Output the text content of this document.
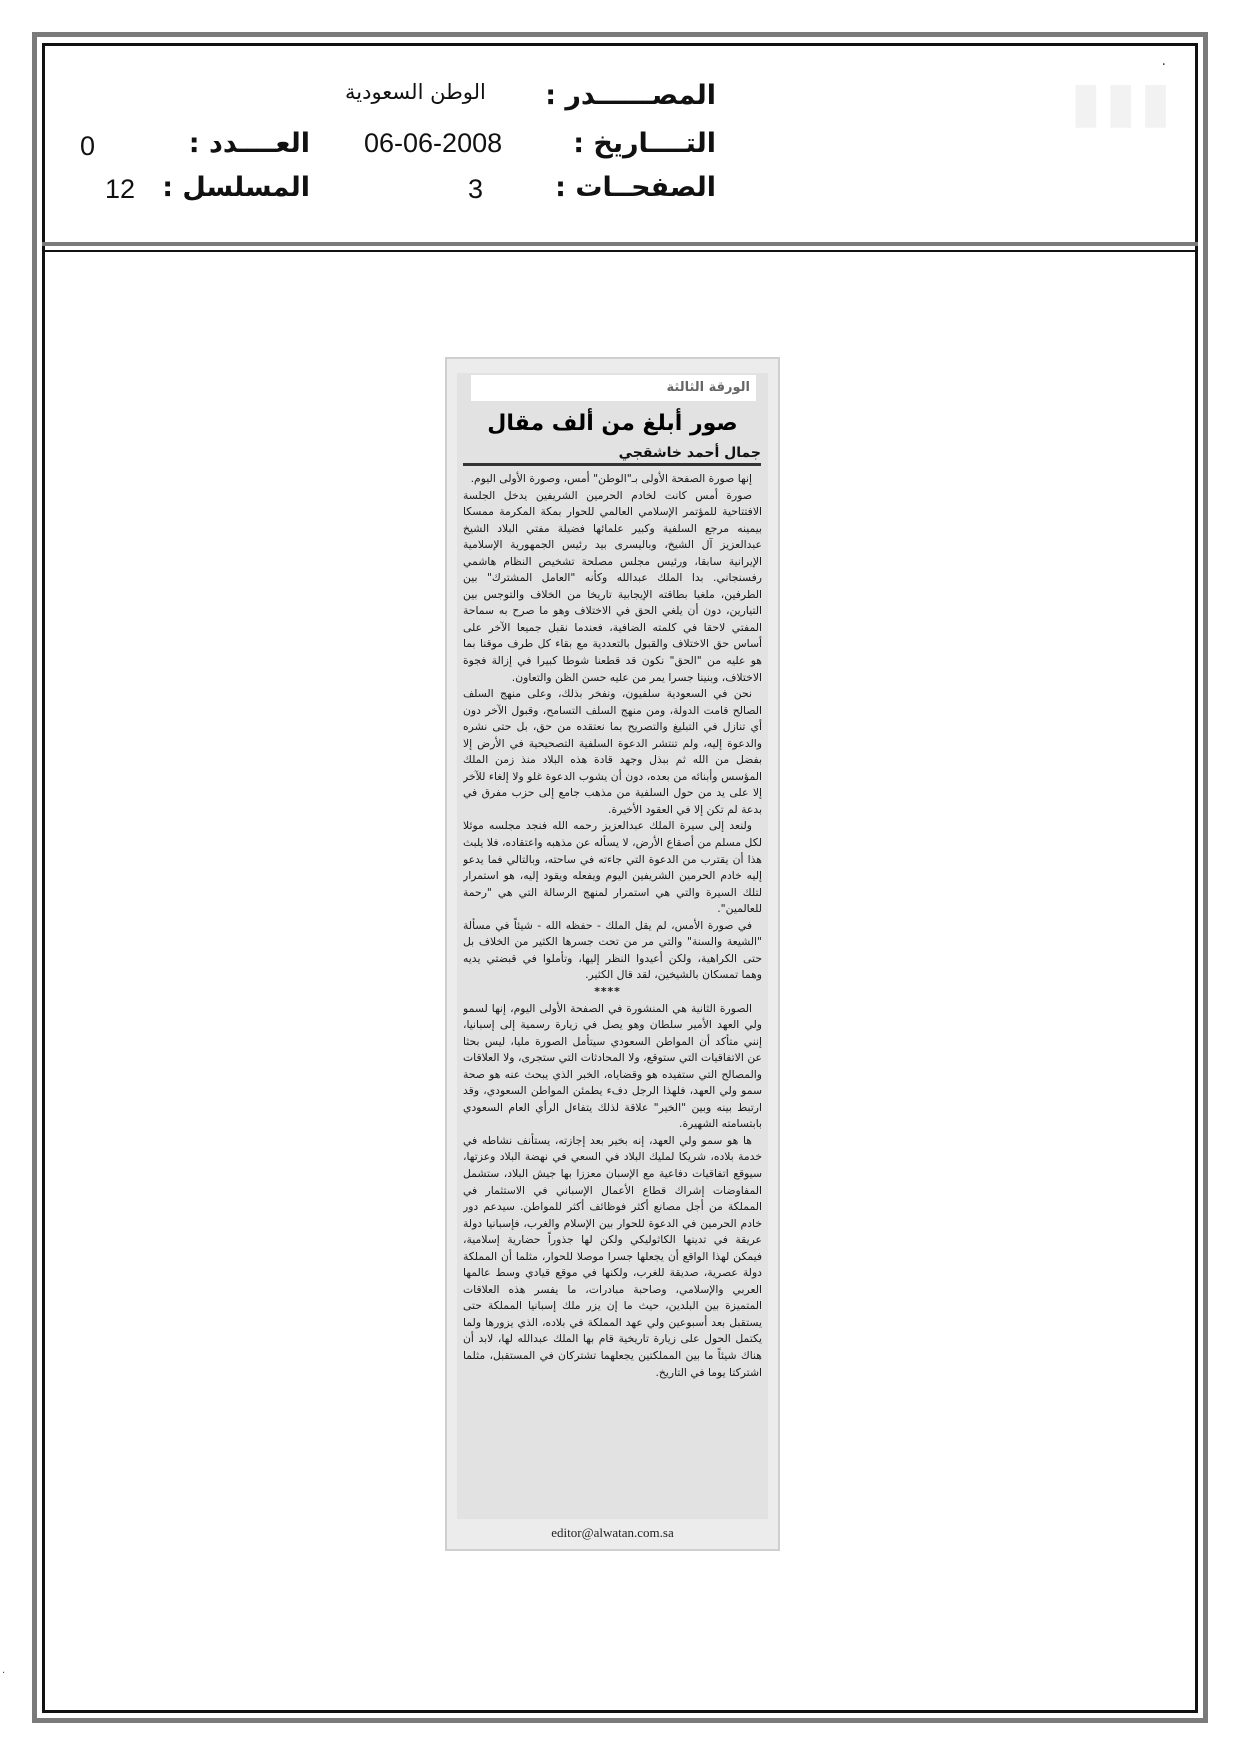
▮▮▮
٠
·
المصــــــدر :
الوطن السعودية
التــــاريخ :
06-06-2008
الصفحــات :
3
العــــدد :
0
المسلسل :
12
الورقة الثالثة
صور أبلغ من ألف مقال
جمال أحمد خاشقجي

إنها صورة الصفحة الأولى بـ"الوطن" أمس، وصورة الأولى اليوم.

صورة أمس كانت لخادم الحرمين الشريفين يدخل الجلسة الافتتاحية للمؤتمر الإسلامي العالمي للحوار بمكة المكرمة ممسكا بيمينه مرجع السلفية وكبير علمائها فضيلة مفتي البلاد الشيخ عبدالعزيز آل الشيخ، وباليسرى بيد رئيس الجمهورية الإسلامية الإيرانية سابقا، ورئيس مجلس مصلحة تشخيص النظام هاشمي رفسنجاني. بدا الملك عبدالله وكأنه "العامل المشترك" بين الطرفين، ملغيا بطاقته الإيجابية تاريخا من الخلاف والتوجس بين التيارين، دون أن يلغي الحق في الاختلاف وهو ما صرح به سماحة المفتي لاحقا في كلمته الضافية، فعندما نقبل جميعا الآخر على أساس حق الاختلاف والقبول بالتعددية مع بقاء كل طرف موقنا بما هو عليه من "الحق" نكون قد قطعنا شوطا كبيرا في إزالة فجوة الاختلاف، وبنينا جسرا يمر من عليه حسن الظن والتعاون.

نحن في السعودية سلفيون، ونفخر بذلك، وعلى منهج السلف الصالح قامت الدولة، ومن منهج السلف التسامح، وقبول الآخر دون أي تنازل في التبليغ والتصريح بما نعتقده من حق، بل حتى نشره والدعوة إليه، ولم تنتشر الدعوة السلفية التصحيحية في الأرض إلا بفضل من الله ثم ببذل وجهد قادة هذه البلاد منذ زمن الملك المؤسس وأبنائه من بعده، دون أن يشوب الدعوة غلو ولا إلغاء للآخر إلا على يد من حول السلفية من مذهب جامع إلى حزب مفرق في بدعة لم تكن إلا في العقود الأخيرة.

ولنعد إلى سيرة الملك عبدالعزيز رحمه الله فنجد مجلسه موئلا لكل مسلم من أصقاع الأرض، لا يسأله عن مذهبه واعتقاده، فلا يلبث هذا أن يقترب من الدعوة التي جاءته في ساحته، وبالتالي فما يدعو إليه خادم الحرمين الشريفين اليوم ويفعله ويقود إليه، هو استمرار لتلك السيرة والتي هي استمرار لمنهج الرسالة التي هي "رحمة للعالمين".

في صورة الأمس، لم يقل الملك - حفظه الله - شيئاً في مسألة "الشيعة والسنة" والتي مر من تحت جسرها الكثير من الخلاف بل حتى الكراهية، ولكن أعيدوا النظر إليها، وتأملوا في قبضتي يديه وهما تمسكان بالشيخين، لقد قال الكثير.

****

الصورة الثانية هي المنشورة في الصفحة الأولى اليوم، إنها لسمو ولي العهد الأمير سلطان وهو يصل في زيارة رسمية إلى إسبانيا، إنني متأكد أن المواطن السعودي سيتأمل الصورة مليا، ليس بحثا عن الاتفاقيات التي ستوقع، ولا المحادثات التي ستجرى، ولا العلاقات والمصالح التي ستفيده هو وقضاياه، الخبر الذي يبحث عنه هو صحة سمو ولي العهد، فلهذا الرجل دفء يطمئن المواطن السعودي، وقد ارتبط بينه وبين "الخير" علاقة لذلك يتفاءل الرأي العام السعودي بابتسامته الشهيرة.

ها هو سمو ولي العهد، إنه بخير بعد إجازته، يستأنف نشاطه في خدمة بلاده، شريكا لمليك البلاد في السعي في نهضة البلاد وعزتها، سيوقع اتفاقيات دفاعية مع الإسبان معززا بها جيش البلاد، ستشمل المفاوضات إشراك قطاع الأعمال الإسباني في الاستثمار في المملكة من أجل مصانع أكثر فوظائف أكثر للمواطن. سيدعم دور خادم الحرمين في الدعوة للحوار بين الإسلام والغرب، فإسبانيا دولة عريقة في تدينها الكاثوليكي ولكن لها جذوراً حضارية إسلامية، فيمكن لهذا الواقع أن يجعلها جسرا موصلا للحوار، مثلما أن المملكة دولة عصرية، صديقة للغرب، ولكنها في موقع قيادي وسط عالمها العربي والإسلامي، وصاحبة مبادرات، ما يفسر هذه العلاقات المتميزة بين البلدين، حيث ما إن يزر ملك إسبانيا المملكة حتى يستقبل بعد أسبوعين ولي عهد المملكة في بلاده، الذي يزورها ولما يكتمل الحول على زيارة تاريخية قام بها الملك عبدالله لها، لابد أن هناك شيئاً ما بين المملكتين يجعلهما تشتركان في المستقبل، مثلما اشتركتا يوما في التاريخ.

editor@alwatan.com.sa
